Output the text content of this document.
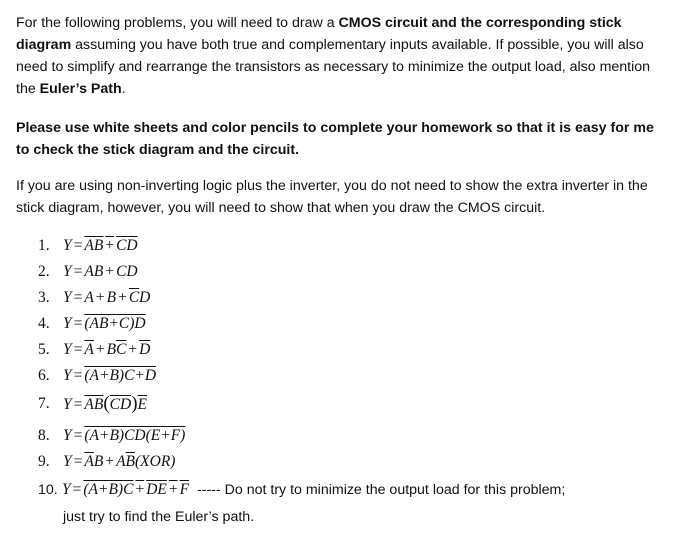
For the following problems, you will need to draw a CMOS circuit and the corresponding stick diagram assuming you have both true and complementary inputs available. If possible, you will also need to simplify and rearrange the transistors as necessary to minimize the output load, also mention the Euler’s Path.

Please use white sheets and color pencils to complete your homework so that it is easy for me to check the stick diagram and the circuit.

If you are using non-inverting logic plus the inverter, you do not need to show the extra inverter in the stick diagram, however, you will need to show that when you draw the CMOS circuit.

1. Y = AB + CD
2. Y = AB + CD
3. $Y = A + B + \overline{C}D$
4. Y = (AB+C)D
5. $Y = \overline{A} + B\overline{C} + \overline{D}$
6. Y = (A+B)C+D
7. $Y = \overline{AB}(\overline{CD})\overline{E}$
8. Y = (A+B)CD(E+F)
9. $Y = \overline{A}B + A\overline{B}(XOR)$
10. Y = (A+B)C + DE + F ----- Do not try to minimize the output load for this problem;
just try to find the Euler’s path.
